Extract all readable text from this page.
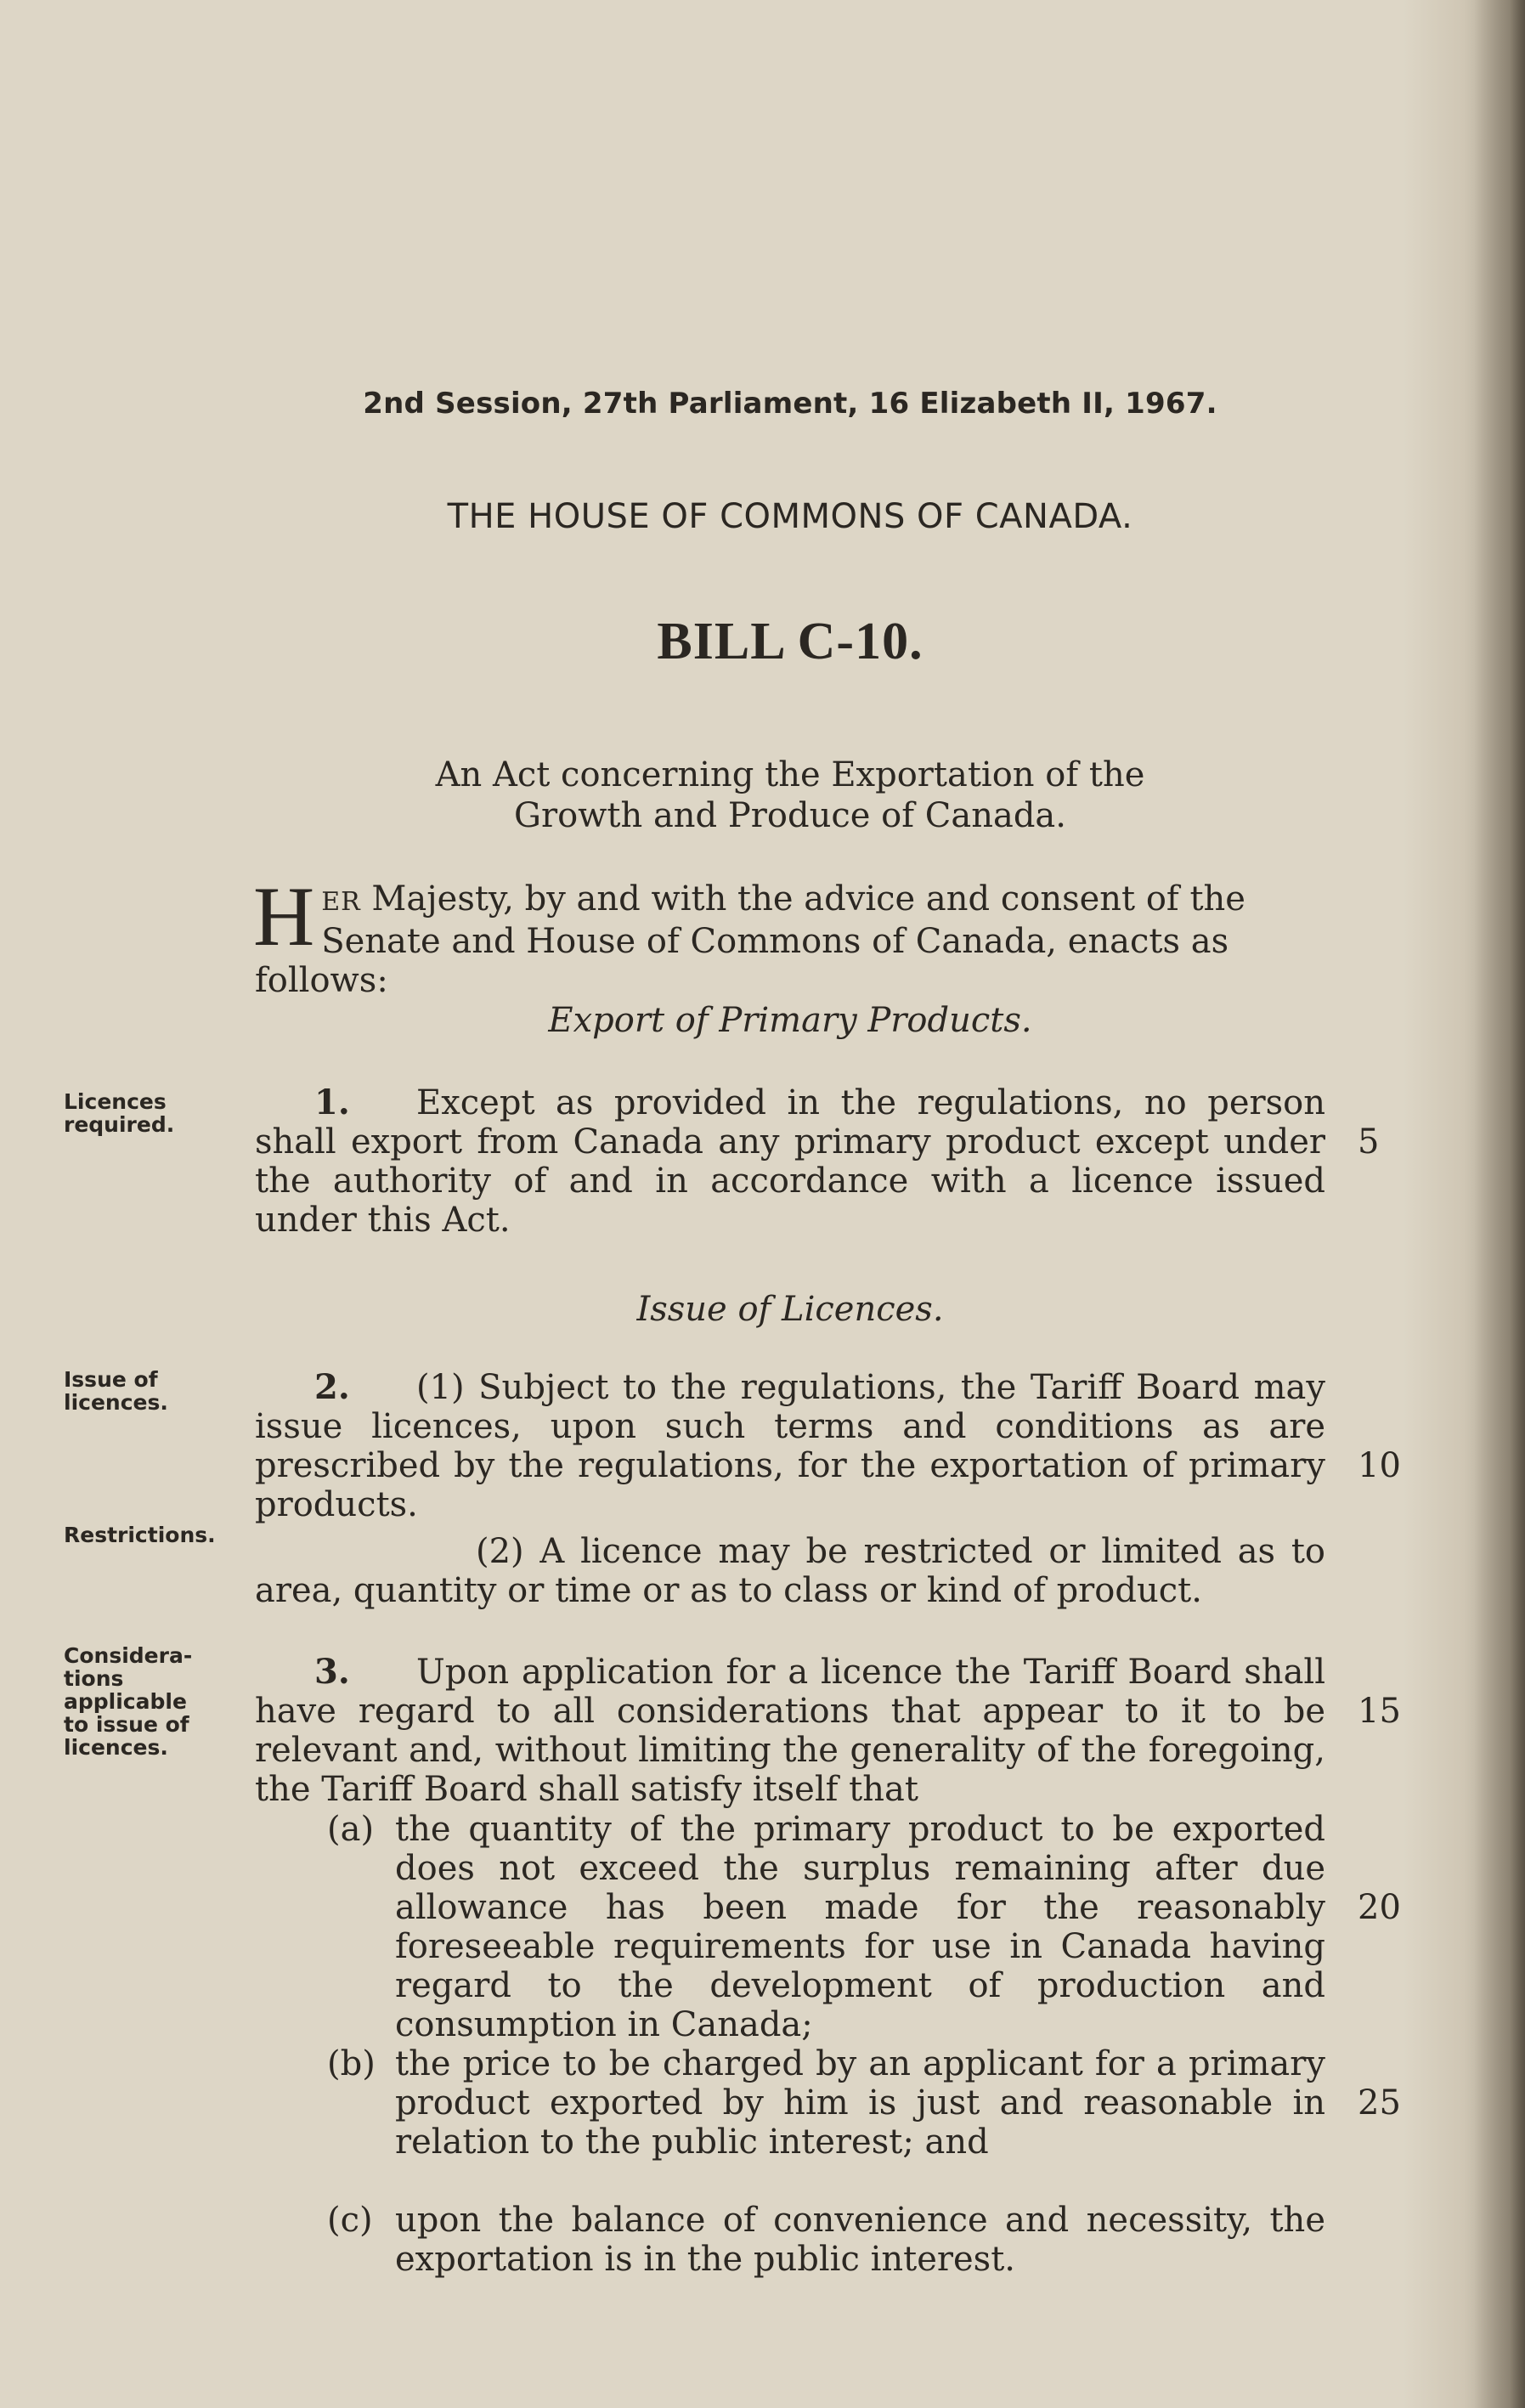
2nd Session, 27th Parliament, 16 Elizabeth II, 1967.
THE HOUSE OF COMMONS OF CANADA.
BILL C-10.
An Act concerning the Exportation of the
Growth and Produce of Canada.
HER Majesty, by and with the advice and consent of the Senate and House of Commons of Canada, enacts as follows:
Export of Primary Products.
Licences required.
1. Except as provided in the regulations, no person shall export from Canada any primary product except under the authority of and in accordance with a licence issued under this Act.
5
Issue of Licences.
Issue of licences.	2. (1) Subject to the regulations, the Tariff Board may issue licences, upon such terms and conditions as are prescribed by the regulations, for the exportation of primary products.
10
Restrictions.	(2) A licence may be restricted or limited as to area, quantity or time or as to class or kind of product.
Considera-tions applicable to issue of licences.
3. Upon application for a licence the Tariff Board shall have regard to all considerations that appear to it to be relevant and, without limiting the generality of the foregoing, the Tariff Board shall satisfy itself that
15
(a) the quantity of the primary product to be exported does not exceed the surplus remaining after due allowance has been made for the reasonably foreseeable requirements for use in Canada having regard to the development of production and consumption in Canada;
20
(b) the price to be charged by an applicant for a primary product exported by him is just and reasonable in relation to the public interest; and
25
(c) upon the balance of convenience and necessity, the exportation is in the public interest.
